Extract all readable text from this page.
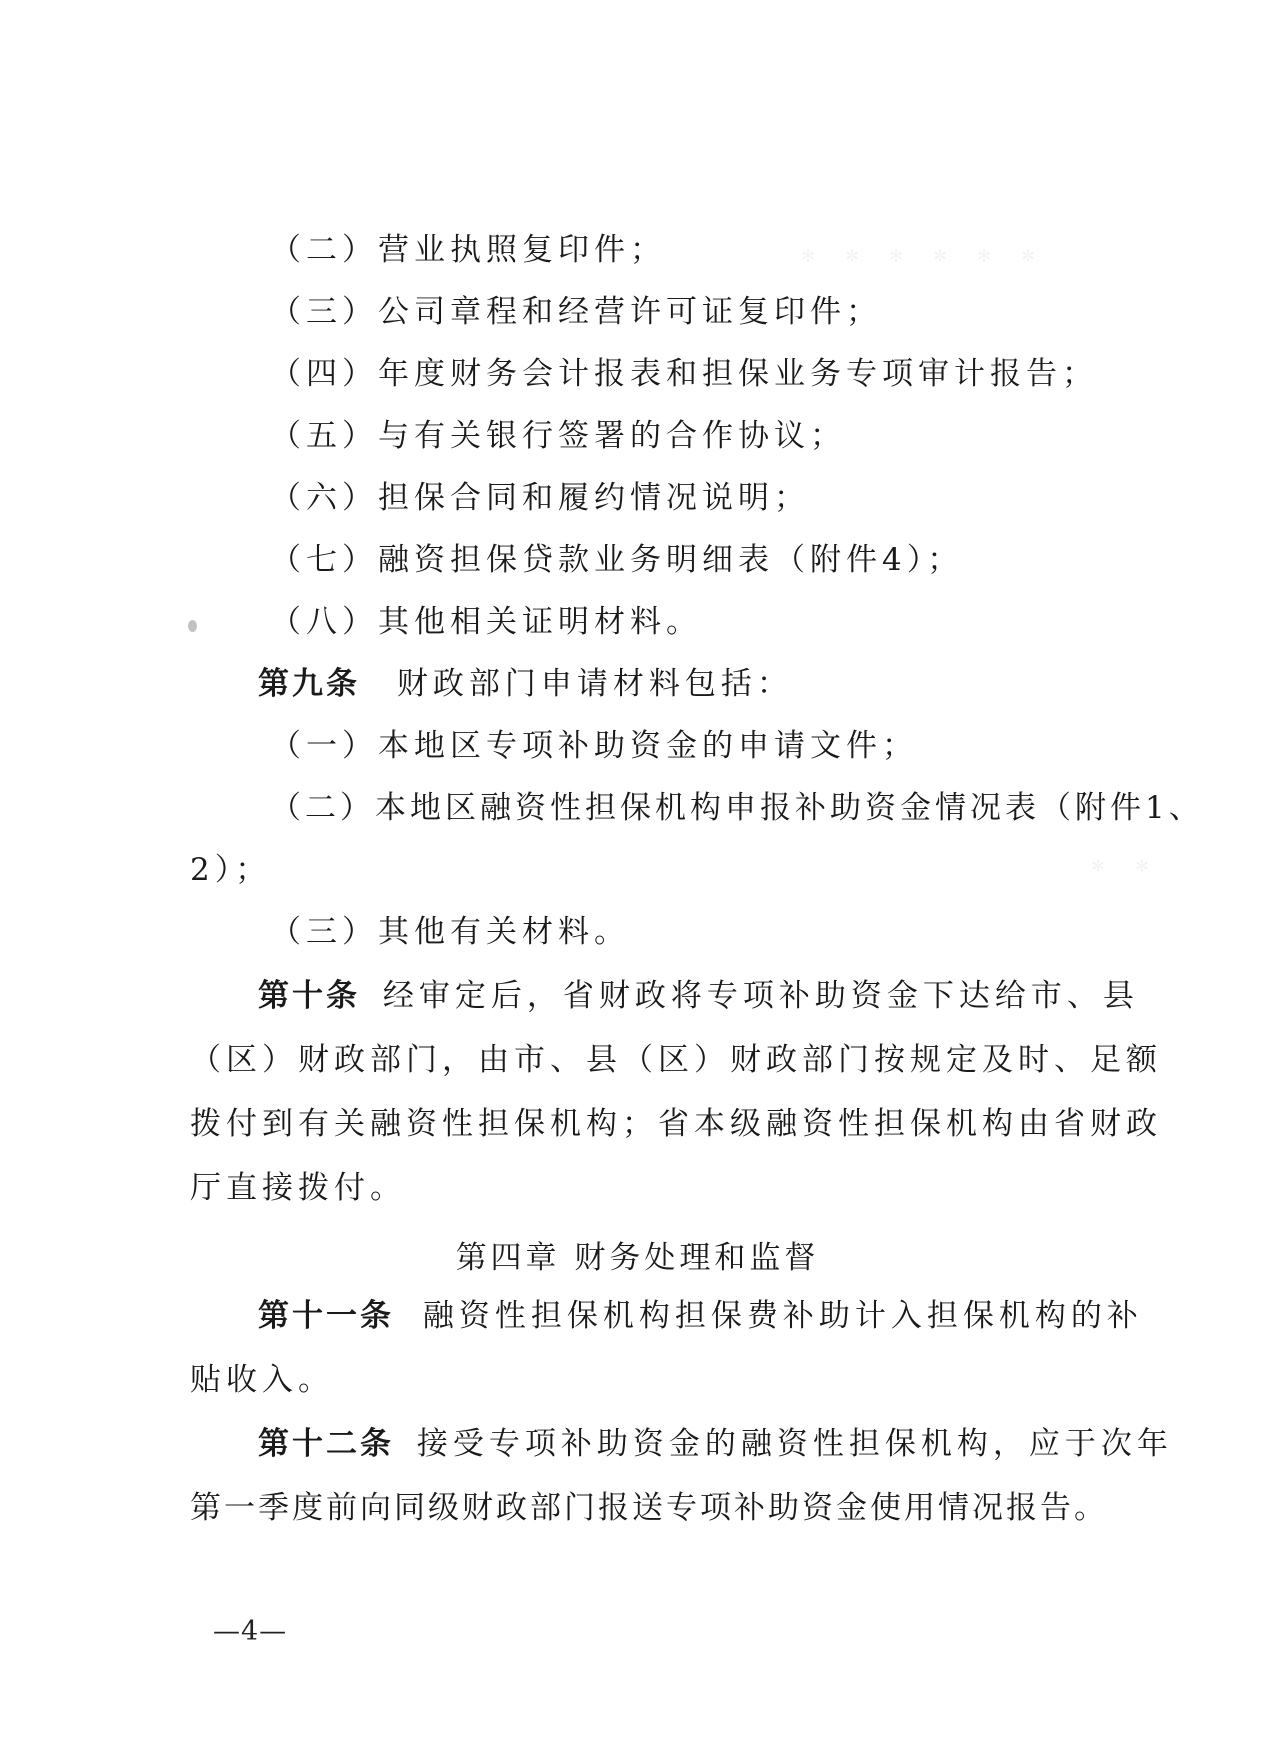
﹡﹡﹡﹡﹡﹡
﹡﹡
（二）营业执照复印件；
（三）公司章程和经营许可证复印件；
（四）年度财务会计报表和担保业务专项审计报告；
（五）与有关银行签署的合作协议；
（六）担保合同和履约情况说明；
（七）融资担保贷款业务明细表（附件4）；
（八）其他相关证明材料。
第九条 财政部门申请材料包括：
（一）本地区专项补助资金的申请文件；
（二）本地区融资性担保机构申报补助资金情况表（附件1、
2）；
（三）其他有关材料。
第十条 经审定后，省财政将专项补助资金下达给市、县
（区）财政部门，由市、县（区）财政部门按规定及时、足额
拨付到有关融资性担保机构；省本级融资性担保机构由省财政
厅直接拨付。
第四章 财务处理和监督
第十一条 融资性担保机构担保费补助计入担保机构的补
贴收入。
第十二条 接受专项补助资金的融资性担保机构，应于次年
第一季度前向同级财政部门报送专项补助资金使用情况报告。
—4—
